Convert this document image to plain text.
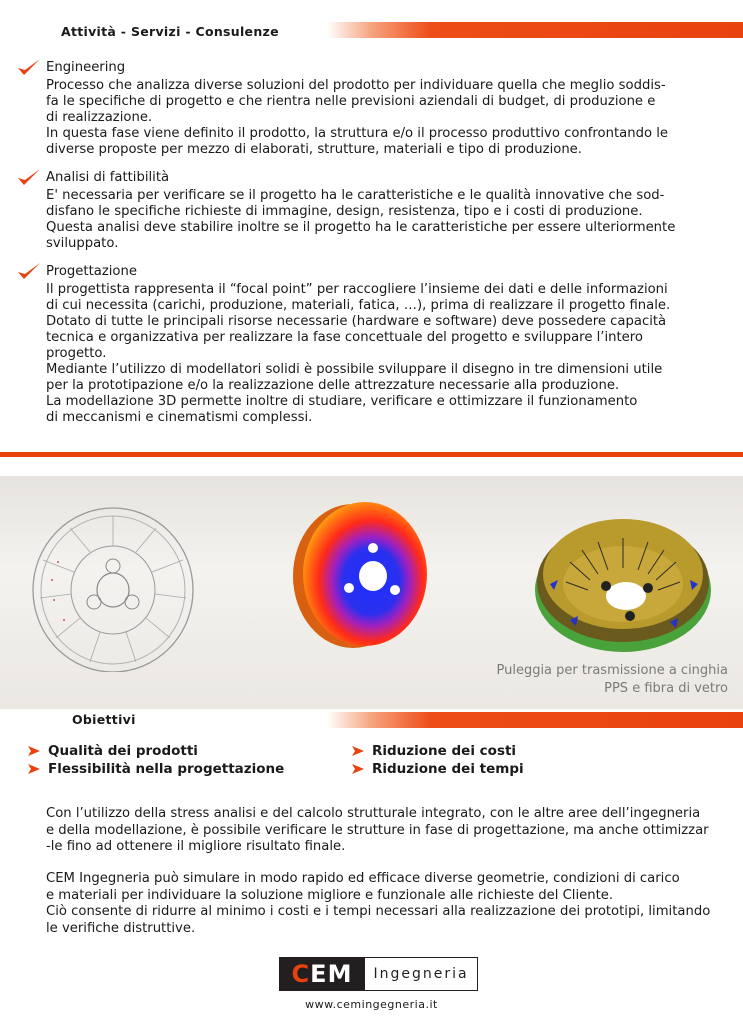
Attività - Servizi - Consulenze
Engineering
Processo che analizza diverse soluzioni del prodotto per individuare quella che meglio soddis-
fa le specifiche di progetto e che rientra nelle previsioni aziendali di budget, di produzione e
di realizzazione.
In questa fase viene definito il prodotto, la struttura e/o il processo produttivo confrontando le
diverse proposte per mezzo di elaborati, strutture, materiali e tipo di produzione.
Analisi di fattibilità
E' necessaria per verificare se il progetto ha le caratteristiche e le qualità innovative che sod-
disfano le specifiche richieste di immagine, design, resistenza, tipo e i costi di produzione.
Questa analisi deve stabilire inoltre se il progetto ha le caratteristiche per essere ulteriormente
sviluppato.
Progettazione
Il progettista rappresenta il “focal point” per raccogliere l’insieme dei dati e delle informazioni
di cui necessita (carichi, produzione, materiali, fatica, …), prima di realizzare il progetto finale.
Dotato di tutte le principali risorse necessarie (hardware e software) deve possedere capacità
tecnica e organizzativa per realizzare la fase concettuale del progetto e sviluppare l’intero
progetto.
Mediante l’utilizzo di modellatori solidi è possibile sviluppare il disegno in tre dimensioni utile
per la prototipazione e/o la realizzazione delle attrezzature necessarie alla produzione.
La modellazione 3D permette inoltre di studiare, verificare e ottimizzare il funzionamento
di meccanismi e cinematismi complessi.
Puleggia per trasmissione a cinghia
PPS e fibra di vetro
Obiettivi
Qualità dei prodotti
Flessibilità nella progettazione
Riduzione dei costi
Riduzione dei tempi
Con l’utilizzo della stress analisi e del calcolo strutturale integrato, con le altre aree dell’ingegneria
e della modellazione, è possibile verificare le strutture in fase di progettazione, ma anche ottimizzar
-le fino ad ottenere il migliore risultato finale.
CEM Ingegneria può simulare in modo rapido ed efficace diverse geometrie, condizioni di carico
e materiali per individuare la soluzione migliore e funzionale alle richieste del Cliente.
Ciò consente di ridurre al minimo i costi e i tempi necessari alla realizzazione dei prototipi, limitando
le verifiche distruttive.
C EM	Ingegneria
www.cemingegneria.it
